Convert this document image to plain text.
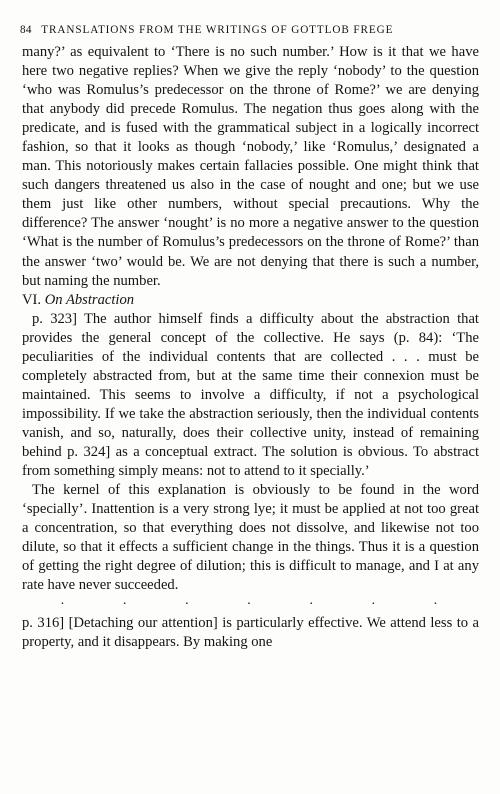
84 TRANSLATIONS FROM THE WRITINGS OF GOTTLOB FREGE

many?’ as equivalent to ‘There is no such number.’ How is it that we have here two negative replies? When we give the reply ‘nobody’ to the question ‘who was Romulus’s predecessor on the throne of Rome?’ we are denying that anybody did precede Romulus. The negation thus goes along with the predicate, and is fused with the grammatical subject in a logically incorrect fashion, so that it looks as though ‘nobody,’ like ‘Romulus,’ designated a man. This notoriously makes certain fallacies possible. One might think that such dangers threatened us also in the case of nought and one; but we use them just like other numbers, without special precautions. Why the difference? The answer ‘nought’ is no more a negative answer to the question ‘What is the number of Romulus’s predecessors on the throne of Rome?’ than the answer ‘two’ would be. We are not denying that there is such a number, but naming the number.

VI. On Abstraction

p. 323] The author himself finds a difficulty about the abstraction that provides the general concept of the collective. He says (p. 84): ‘The peculiarities of the individual contents that are collected . . . must be completely abstracted from, but at the same time their connexion must be maintained. This seems to involve a difficulty, if not a psychological impossibility. If we take the abstraction seriously, then the individual contents vanish, and so, naturally, does their collective unity, instead of remaining behind p. 324] as a conceptual extract. The solution is obvious. To abstract from something simply means: not to attend to it specially.’

The kernel of this explanation is obviously to be found in the word ‘specially’. Inattention is a very strong lye; it must be applied at not too great a concentration, so that everything does not dissolve, and likewise not too dilute, so that it effects a sufficient change in the things. Thus it is a question of getting the right degree of dilution; this is difficult to manage, and I at any rate have never succeeded.

· · · · · · ·

p. 316] [Detaching our attention] is particularly effective. We attend less to a property, and it disappears. By making one
